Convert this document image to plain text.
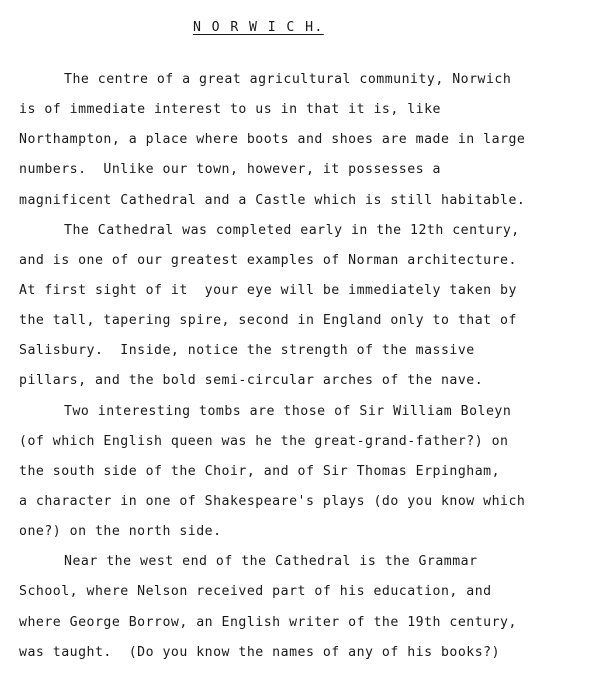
N O R W I C H.
The centre of a great agricultural community, Norwich
is of immediate interest to us in that it is, like
Northampton, a place where boots and shoes are made in large
numbers.  Unlike our town, however, it possesses a
magnificent Cathedral and a Castle which is still habitable.
The Cathedral was completed early in the 12th century,
and is one of our greatest examples of Norman architecture.
At first sight of it  your eye will be immediately taken by
the tall, tapering spire, second in England only to that of
Salisbury.  Inside, notice the strength of the massive
pillars, and the bold semi-circular arches of the nave.
Two interesting tombs are those of Sir William Boleyn
(of which English queen was he the great-grand-father?) on
the south side of the Choir, and of Sir Thomas Erpingham,
a character in one of Shakespeare's plays (do you know which
one?) on the north side.
Near the west end of the Cathedral is the Grammar
School, where Nelson received part of his education, and
where George Borrow, an English writer of the 19th century,
was taught.  (Do you know the names of any of his books?)
